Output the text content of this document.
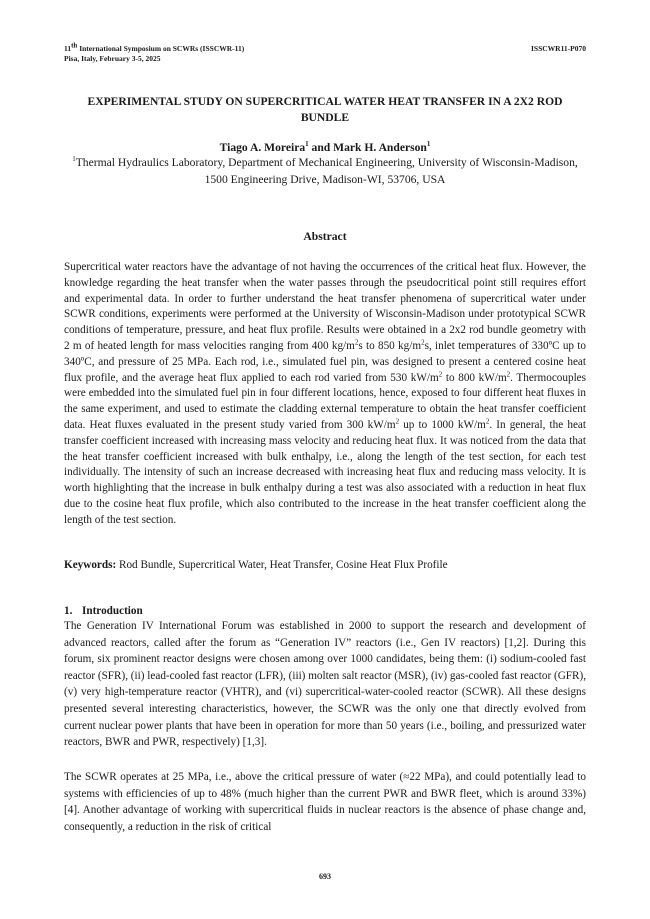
11th International Symposium on SCWRs (ISSCWR-11)
Pisa, Italy, February 3-5, 2025
ISSCWR11-P070
EXPERIMENTAL STUDY ON SUPERCRITICAL WATER HEAT TRANSFER IN A 2X2 ROD BUNDLE
Tiago A. Moreira$^1$ and Mark H. Anderson$^1$
$^1$Thermal Hydraulics Laboratory, Department of Mechanical Engineering, University of Wisconsin-Madison, 1500 Engineering Drive, Madison-WI, 53706, USA
Abstract
Supercritical water reactors have the advantage of not having the occurrences of the critical heat flux. However, the knowledge regarding the heat transfer when the water passes through the pseudocritical point still requires effort and experimental data. In order to further understand the heat transfer phenomena of supercritical water under SCWR conditions, experiments were performed at the University of Wisconsin-Madison under prototypical SCWR conditions of temperature, pressure, and heat flux profile. Results were obtained in a 2x2 rod bundle geometry with 2 m of heated length for mass velocities ranging from 400 $kg/m^2s$ to 850 $kg/m^2s$, inlet temperatures of 330ºC up to 340ºC, and pressure of 25 MPa. Each rod, i.e., simulated fuel pin, was designed to present a centered cosine heat flux profile, and the average heat flux applied to each rod varied from 530 $kW/m^2$ to 800 $kW/m^2$. Thermocouples were embedded into the simulated fuel pin in four different locations, hence, exposed to four different heat fluxes in the same experiment, and used to estimate the cladding external temperature to obtain the heat transfer coefficient data. Heat fluxes evaluated in the present study varied from 300 $kW/m^2$ up to 1000 $kW/m^2$. In general, the heat transfer coefficient increased with increasing mass velocity and reducing heat flux. It was noticed from the data that the heat transfer coefficient increased with bulk enthalpy, i.e., along the length of the test section, for each test individually. The intensity of such an increase decreased with increasing heat flux and reducing mass velocity. It is worth highlighting that the increase in bulk enthalpy during a test was also associated with a reduction in heat flux due to the cosine heat flux profile, which also contributed to the increase in the heat transfer coefficient along the length of the test section.
Keywords: Rod Bundle, Supercritical Water, Heat Transfer, Cosine Heat Flux Profile
1. Introduction
The Generation IV International Forum was established in 2000 to support the research and development of advanced reactors, called after the forum as “Generation IV” reactors (i.e., Gen IV reactors) [1,2]. During this forum, six prominent reactor designs were chosen among over 1000 candidates, being them: (i) sodium-cooled fast reactor (SFR), (ii) lead-cooled fast reactor (LFR), (iii) molten salt reactor (MSR), (iv) gas-cooled fast reactor (GFR), (v) very high-temperature reactor (VHTR), and (vi) supercritical-water-cooled reactor (SCWR). All these designs presented several interesting characteristics, however, the SCWR was the only one that directly evolved from current nuclear power plants that have been in operation for more than 50 years (i.e., boiling, and pressurized water reactors, BWR and PWR, respectively) [1,3].
The SCWR operates at 25 MPa, i.e., above the critical pressure of water (≈22 MPa), and could potentially lead to systems with efficiencies of up to 48% (much higher than the current PWR and BWR fleet, which is around 33%) [4]. Another advantage of working with supercritical fluids in nuclear reactors is the absence of phase change and, consequently, a reduction in the risk of critical
693
